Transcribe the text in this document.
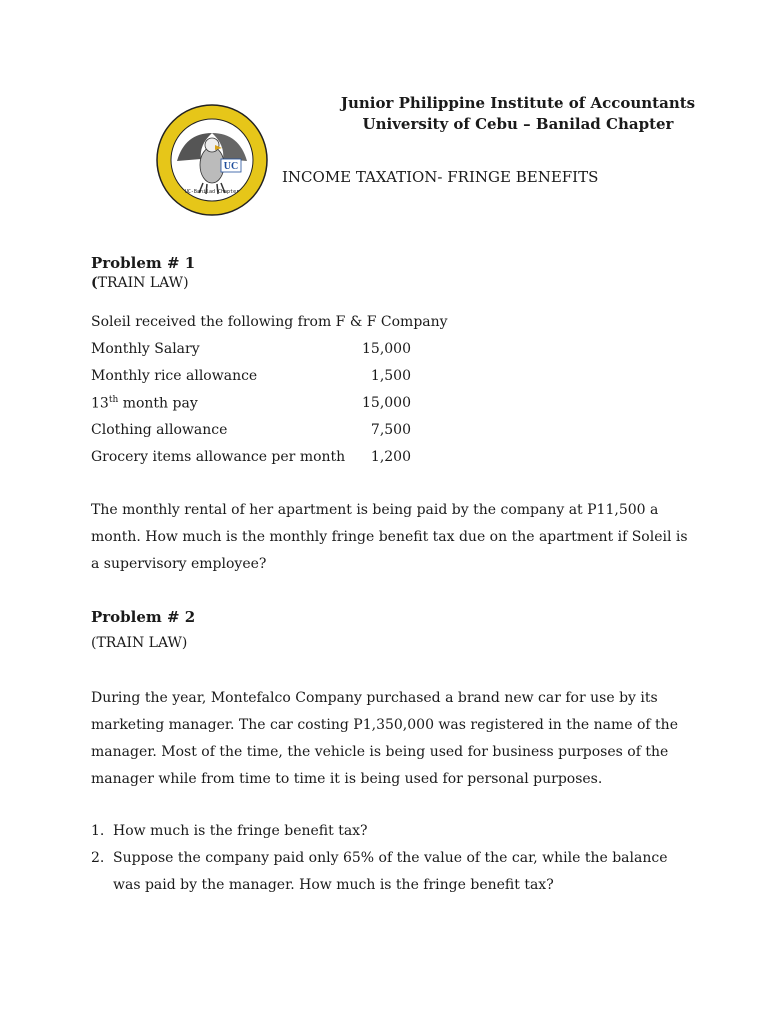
UC
UC-Banilad Chapter
Junior Philippine Institute of Accountants
University of Cebu – Banilad Chapter
INCOME TAXATION- FRINGE BENEFITS
Problem # 1
(TRAIN LAW)
Soleil received the following from F & F Company
Monthly Salary	15,000
Monthly rice allowance	1,500
13th month pay	15,000
Clothing allowance	7,500
Grocery items allowance per month 1,200
The monthly rental of her apartment is being paid by the company at P11,500 a month. How much is the monthly fringe benefit tax due on the apartment if Soleil is a supervisory employee?
Problem # 2
(TRAIN LAW)
During the year, Montefalco Company purchased a brand new car for use by its marketing manager. The car costing P1,350,000 was registered in the name of the manager. Most of the time, the vehicle is being used for business purposes of the manager while from time to time it is being used for personal purposes.
1. How much is the fringe benefit tax?
2. Suppose the company paid only 65% of the value of the car, while the balance was paid by the manager. How much is the fringe benefit tax?
